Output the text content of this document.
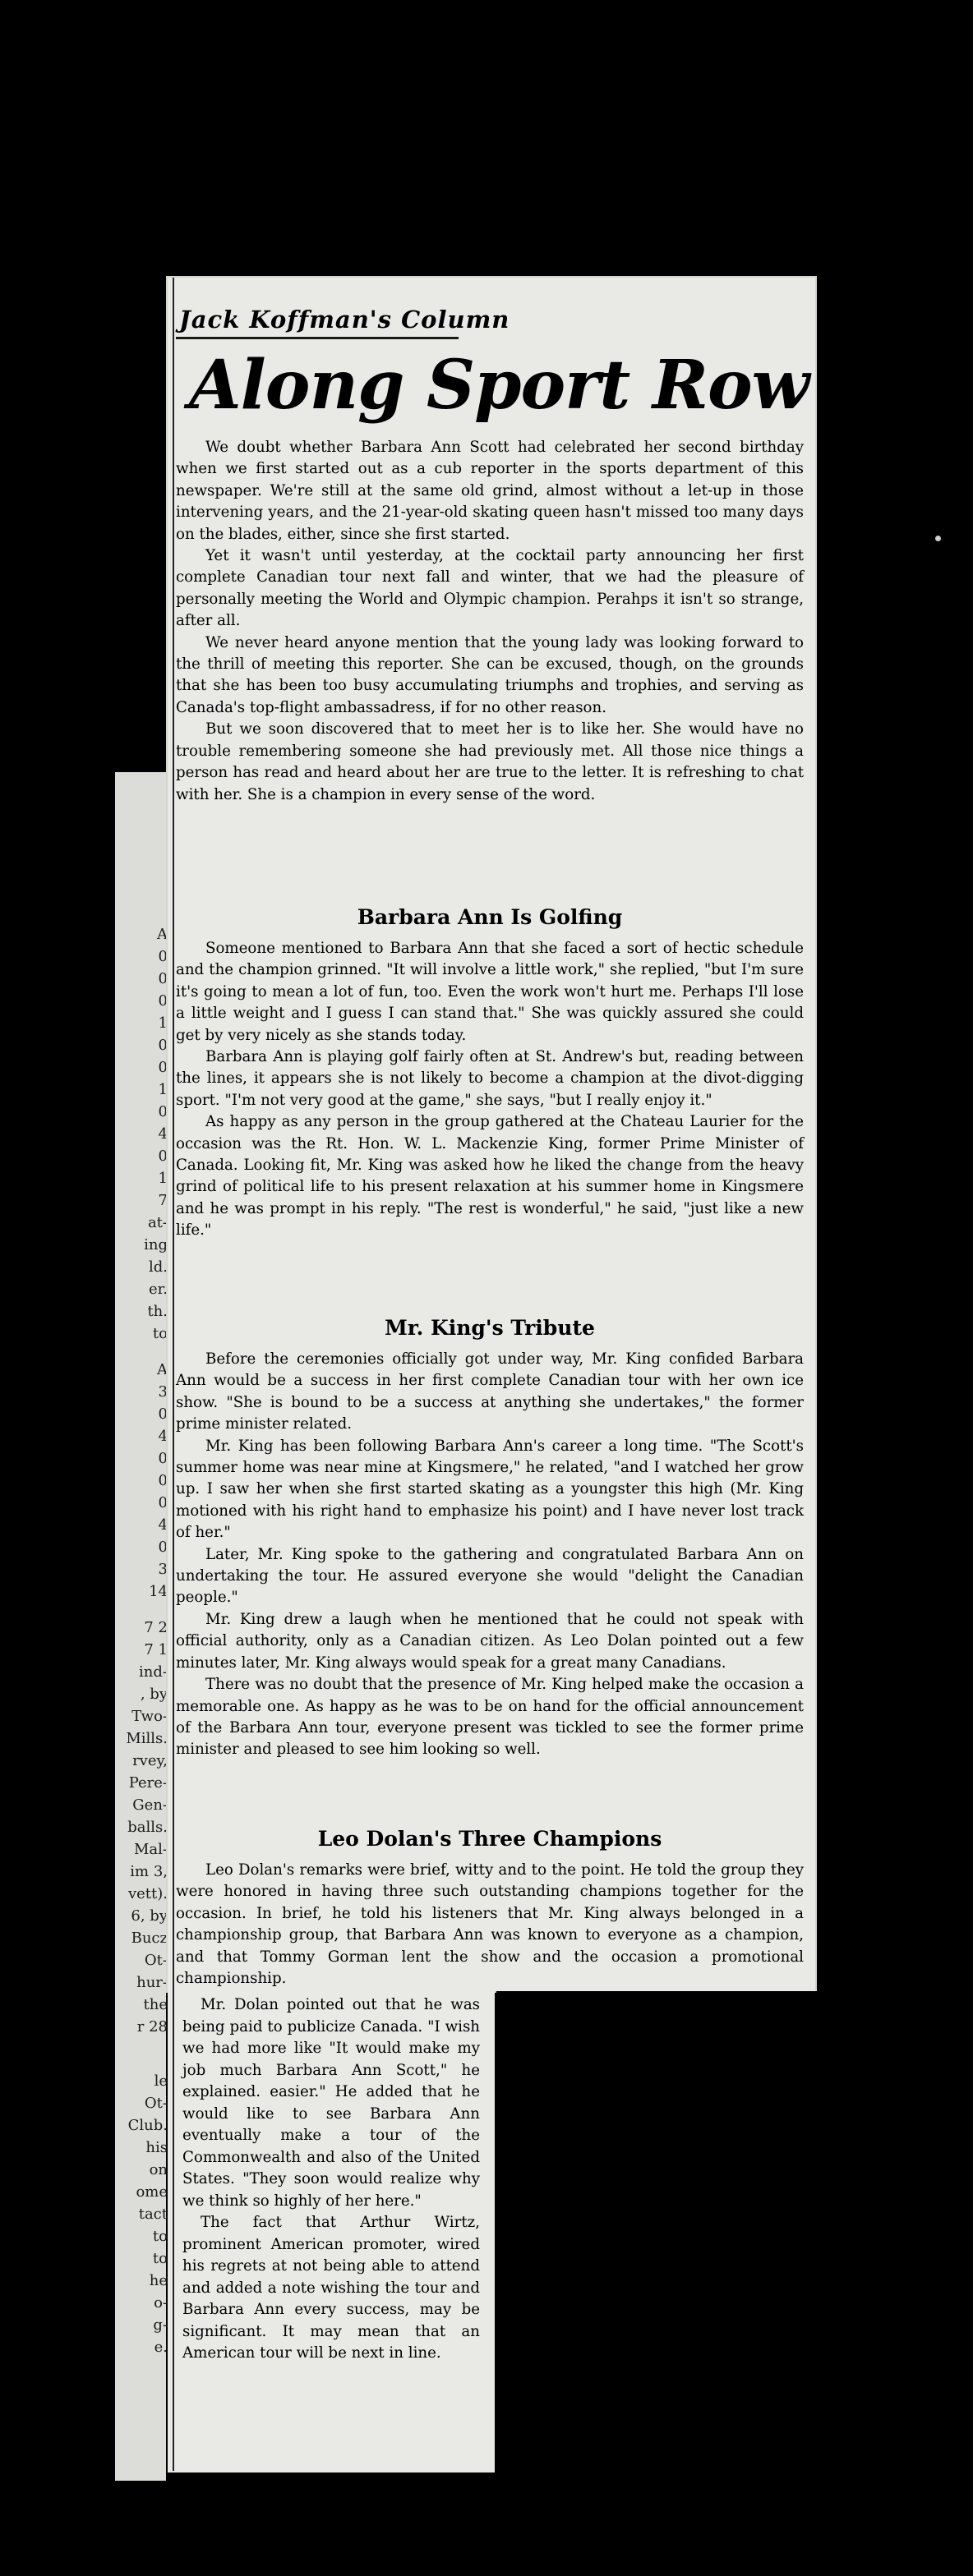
A
0
0
0
1
0
0
1
0
4
0
1
7
at-
ing
ld.
er.
th.
to
A
3
0
4
0
0
0
4
0
3
14
7 2
7 1
ind-
, by
Two-
Mills.
rvey,
Pere-
Gen-
balls.
Mal-
im 3,
vett).
6, by
Bucz
Ot-
hur-
the
r 28
le
Ot-
Club.
his
on
ome
tact
to
to
he
o-
g-
e.
Jack Koffman's Column
Along Sport Row

We doubt whether Barbara Ann Scott had celebrated her second birthday when we first started out as a cub reporter in the sports department of this newspaper. We're still at the same old grind, almost without a let-up in those intervening years, and the 21-year-old skating queen hasn't missed too many days on the blades, either, since she first started.

Yet it wasn't until yesterday, at the cocktail party announcing her first complete Canadian tour next fall and winter, that we had the pleasure of personally meeting the World and Olympic champion. Perahps it isn't so strange, after all.

We never heard anyone mention that the young lady was looking forward to the thrill of meeting this reporter. She can be excused, though, on the grounds that she has been too busy accumulating triumphs and trophies, and serving as Canada's top-flight ambassadress, if for no other reason.

But we soon discovered that to meet her is to like her. She would have no trouble remembering someone she had previously met. All those nice things a person has read and heard about her are true to the letter. It is refreshing to chat with her. She is a champion in every sense of the word.

Barbara Ann Is Golfing

Someone mentioned to Barbara Ann that she faced a sort of hectic schedule and the champion grinned. "It will involve a little work," she replied, "but I'm sure it's going to mean a lot of fun, too. Even the work won't hurt me. Perhaps I'll lose a little weight and I guess I can stand that." She was quickly assured she could get by very nicely as she stands today.

Barbara Ann is playing golf fairly often at St. Andrew's but, reading between the lines, it appears she is not likely to become a champion at the divot-digging sport. "I'm not very good at the game," she says, "but I really enjoy it."

As happy as any person in the group gathered at the Chateau Laurier for the occasion was the Rt. Hon. W. L. Mackenzie King, former Prime Minister of Canada. Looking fit, Mr. King was asked how he liked the change from the heavy grind of political life to his present relaxation at his summer home in Kingsmere and he was prompt in his reply. "The rest is wonderful," he said, "just like a new life."

Mr. King's Tribute

Before the ceremonies officially got under way, Mr. King confided Barbara Ann would be a success in her first complete Canadian tour with her own ice show. "She is bound to be a success at anything she undertakes," the former prime minister related.

Mr. King has been following Barbara Ann's career a long time. "The Scott's summer home was near mine at Kingsmere," he related, "and I watched her grow up. I saw her when she first started skating as a youngster this high (Mr. King motioned with his right hand to emphasize his point) and I have never lost track of her."

Later, Mr. King spoke to the gathering and congratulated Barbara Ann on undertaking the tour. He assured everyone she would "delight the Canadian people."

Mr. King drew a laugh when he mentioned that he could not speak with official authority, only as a Canadian citizen. As Leo Dolan pointed out a few minutes later, Mr. King always would speak for a great many Canadians.

There was no doubt that the presence of Mr. King helped make the occasion a memorable one. As happy as he was to be on hand for the official announcement of the Barbara Ann tour, everyone present was tickled to see the former prime minister and pleased to see him looking so well.

Leo Dolan's Three Champions

Leo Dolan's remarks were brief, witty and to the point. He told the group they were honored in having three such outstanding champions together for the occasion. In brief, he told his listeners that Mr. King always belonged in a championship group, that Barbara Ann was known to everyone as a champion, and that Tommy Gorman lent the show and the occasion a promotional championship.

Mr. Dolan pointed out that he was being paid to publicize Canada. "I wish we had more like "It would make my job much Barbara Ann Scott," he explained. easier." He added that he would like to see Barbara Ann eventually make a tour of the Commonwealth and also of the United States. "They soon would realize why we think so highly of her here."

The fact that Arthur Wirtz, prominent American promoter, wired his regrets at not being able to attend and added a note wishing the tour and Barbara Ann every success, may be significant. It may mean that an American tour will be next in line.
